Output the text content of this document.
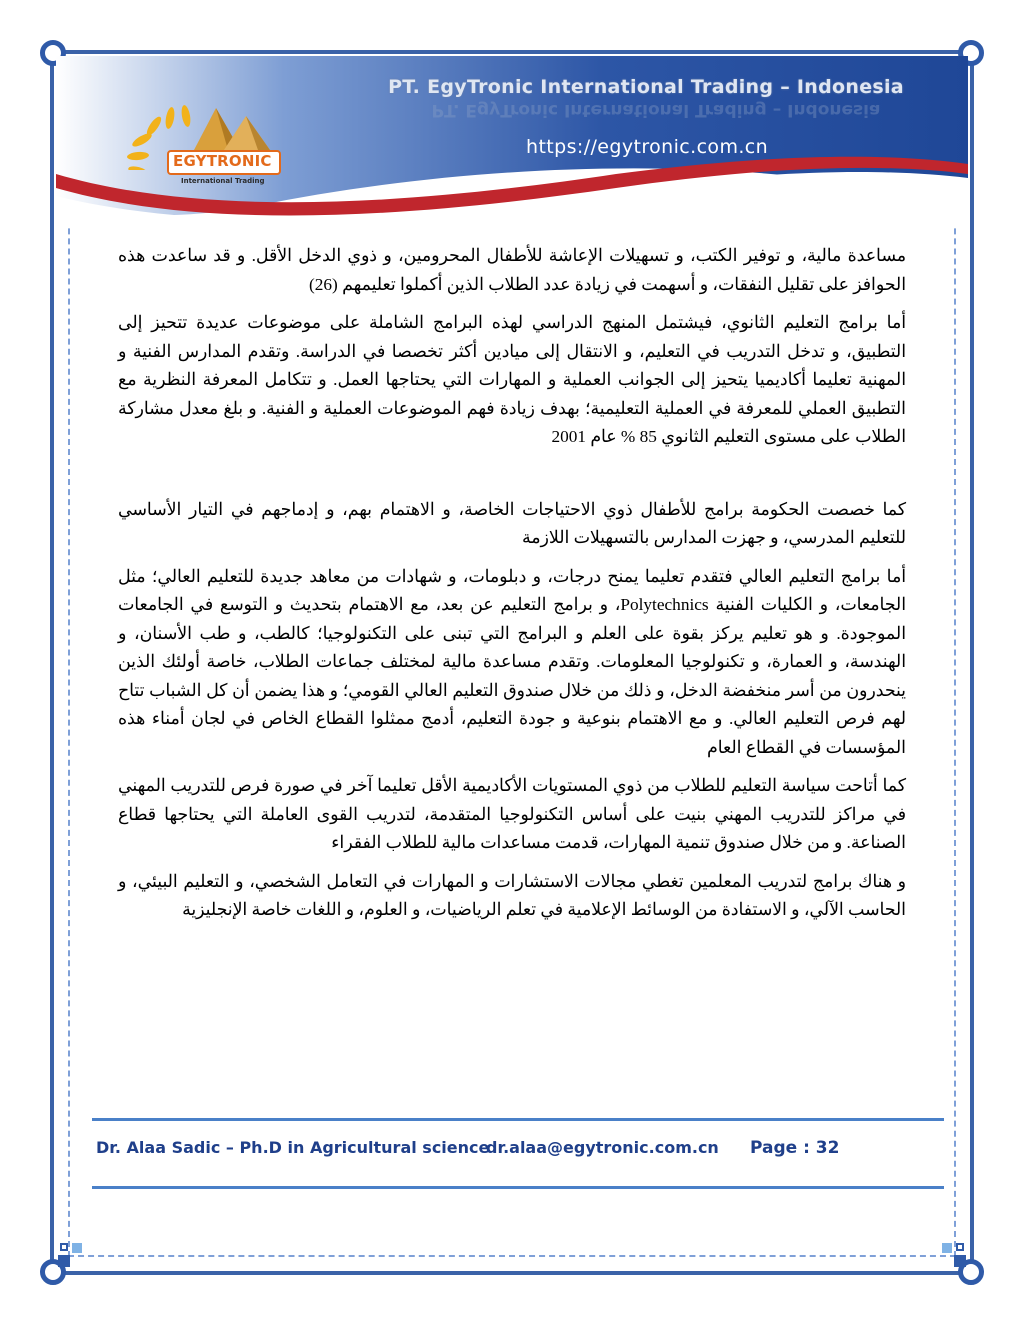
EGYTRONIC
International Trading
PT. EgyTronic International Trading – Indonesia
PT. EgyTronic International Trading – Indonesia
https://egytronic.com.cn

مساعدة مالية، و توفير الكتب، و تسهيلات الإعاشة للأطفال المحرومين، و ذوي الدخل الأقل. و قد ساعدت هذه الحوافز على تقليل النفقات، و أسهمت في زيادة عدد الطلاب الذين أكملوا تعليمهم (26)

أما برامج التعليم الثانوي، فيشتمل المنهج الدراسي لهذه البرامج الشاملة على موضوعات عديدة تتحيز إلى التطبيق، و تدخل التدريب في التعليم، و الانتقال إلى ميادين أكثر تخصصا في الدراسة. وتقدم المدارس الفنية و المهنية تعليما أكاديميا يتحيز إلى الجوانب العملية و المهارات التي يحتاجها العمل. و تتكامل المعرفة النظرية مع التطبيق العملي للمعرفة في العملية التعليمية؛ بهدف زيادة فهم الموضوعات العملية و الفنية. و بلغ معدل مشاركة الطلاب على مستوى التعليم الثانوي 85 % عام 2001

كما خصصت الحكومة برامج للأطفال ذوي الاحتياجات الخاصة، و الاهتمام بهم، و إدماجهم في التيار الأساسي للتعليم المدرسي، و جهزت المدارس بالتسهيلات اللازمة

أما برامج التعليم العالي فتقدم تعليما يمنح درجات، و دبلومات، و شهادات من معاهد جديدة للتعليم العالي؛ مثل الجامعات، و الكليات الفنية Polytechnics، و برامج التعليم عن بعد، مع الاهتمام بتحديث و التوسع في الجامعات الموجودة. و هو تعليم يركز بقوة على العلم و البرامج التي تبنى على التكنولوجيا؛ كالطب، و طب الأسنان، و الهندسة، و العمارة، و تكنولوجيا المعلومات. وتقدم مساعدة مالية لمختلف جماعات الطلاب، خاصة أولئك الذين ينحدرون من أسر منخفضة الدخل، و ذلك من خلال صندوق التعليم العالي القومي؛ و هذا يضمن أن كل الشباب تتاح لهم فرص التعليم العالي. و مع الاهتمام بنوعية و جودة التعليم، أدمج ممثلوا القطاع الخاص في لجان أمناء هذه المؤسسات في القطاع العام

كما أتاحت سياسة التعليم للطلاب من ذوي المستويات الأكاديمية الأقل تعليما آخر في صورة فرص للتدريب المهني في مراكز للتدريب المهني بنيت على أساس التكنولوجيا المتقدمة، لتدريب القوى العاملة التي يحتاجها قطاع الصناعة. و من خلال صندوق تنمية المهارات، قدمت مساعدات مالية للطلاب الفقراء

و هناك برامج لتدريب المعلمين تغطي مجالات الاستشارات و المهارات في التعامل الشخصي، و التعليم البيئي، و الحاسب الآلي، و الاستفادة من الوسائط الإعلامية في تعلم الرياضيات، و العلوم، و اللغات خاصة الإنجليزية

Dr. Alaa Sadic – Ph.D in Agricultural science
dr.alaa@egytronic.com.cn Page : 32
